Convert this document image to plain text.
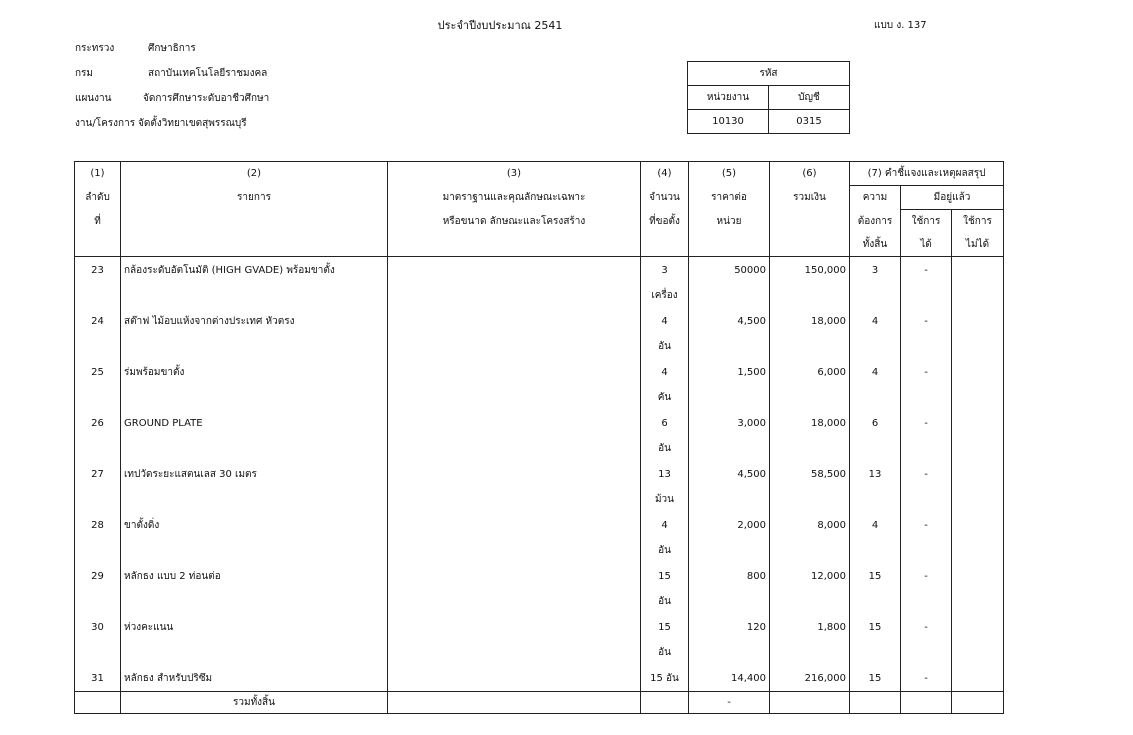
ประจำปีงบประมาณ 2541	แบบ ง. 137
กระทรวง	ศึกษาธิการ
กรม	สถาบันเทคโนโลยีราชมงคล
แผนงาน	จัดการศึกษาระดับอาชีวศึกษา
งาน/โครงการ จัดตั้งวิทยาเขตสุพรรณบุรี
รหัส	
หน่วยงาน	บัญชี
10130	0315
(1)	(2)	(3)	(4)	(5)	(6)	(7) คำชี้แจงและเหตุผลสรุป		
ลำดับ	รายการ	มาตราฐานและคุณลักษณะเฉพาะ	จำนวน	ราคาต่อ	รวมเงิน	ความ	มีอยู่แล้ว	
ที่		หรือขนาด ลักษณะและโครงสร้าง	ที่ขอตั้ง	หน่วย		ต้องการ	ใช้การ	ใช้การ
						ทั้งสิ้น	ได้	ไม่ได้
23	กล้องระดับอัตโนมัติ (HIGH GVADE) พร้อมขาตั้ง		3	50000	150,000	3	-	
			เครื่อง					
24	สต๊าฟ ไม้อบแห้งจากต่างประเทศ หัวตรง		4	4,500	18,000	4	-	
			อัน					
25	ร่มพร้อมขาตั้ง		4	1,500	6,000	4	-	
			คัน					
26	GROUND PLATE		6	3,000	18,000	6	-	
			อัน					
27	เทปวัดระยะแสตนเลส 30 เมตร		13	4,500	58,500	13	-	
			ม้วน					
28	ขาตั้งดิ่ง		4	2,000	8,000	4	-	
			อัน					
29	หลักธง แบบ 2 ท่อนต่อ		15	800	12,000	15	-	
			อัน					
30	ห่วงคะแนน		15	120	1,800	15	-	
			อัน					
31	หลักธง สำหรับปริซึม		15 อัน	14,400	216,000	15	-	
	รวมทั้งสิ้น			-				
